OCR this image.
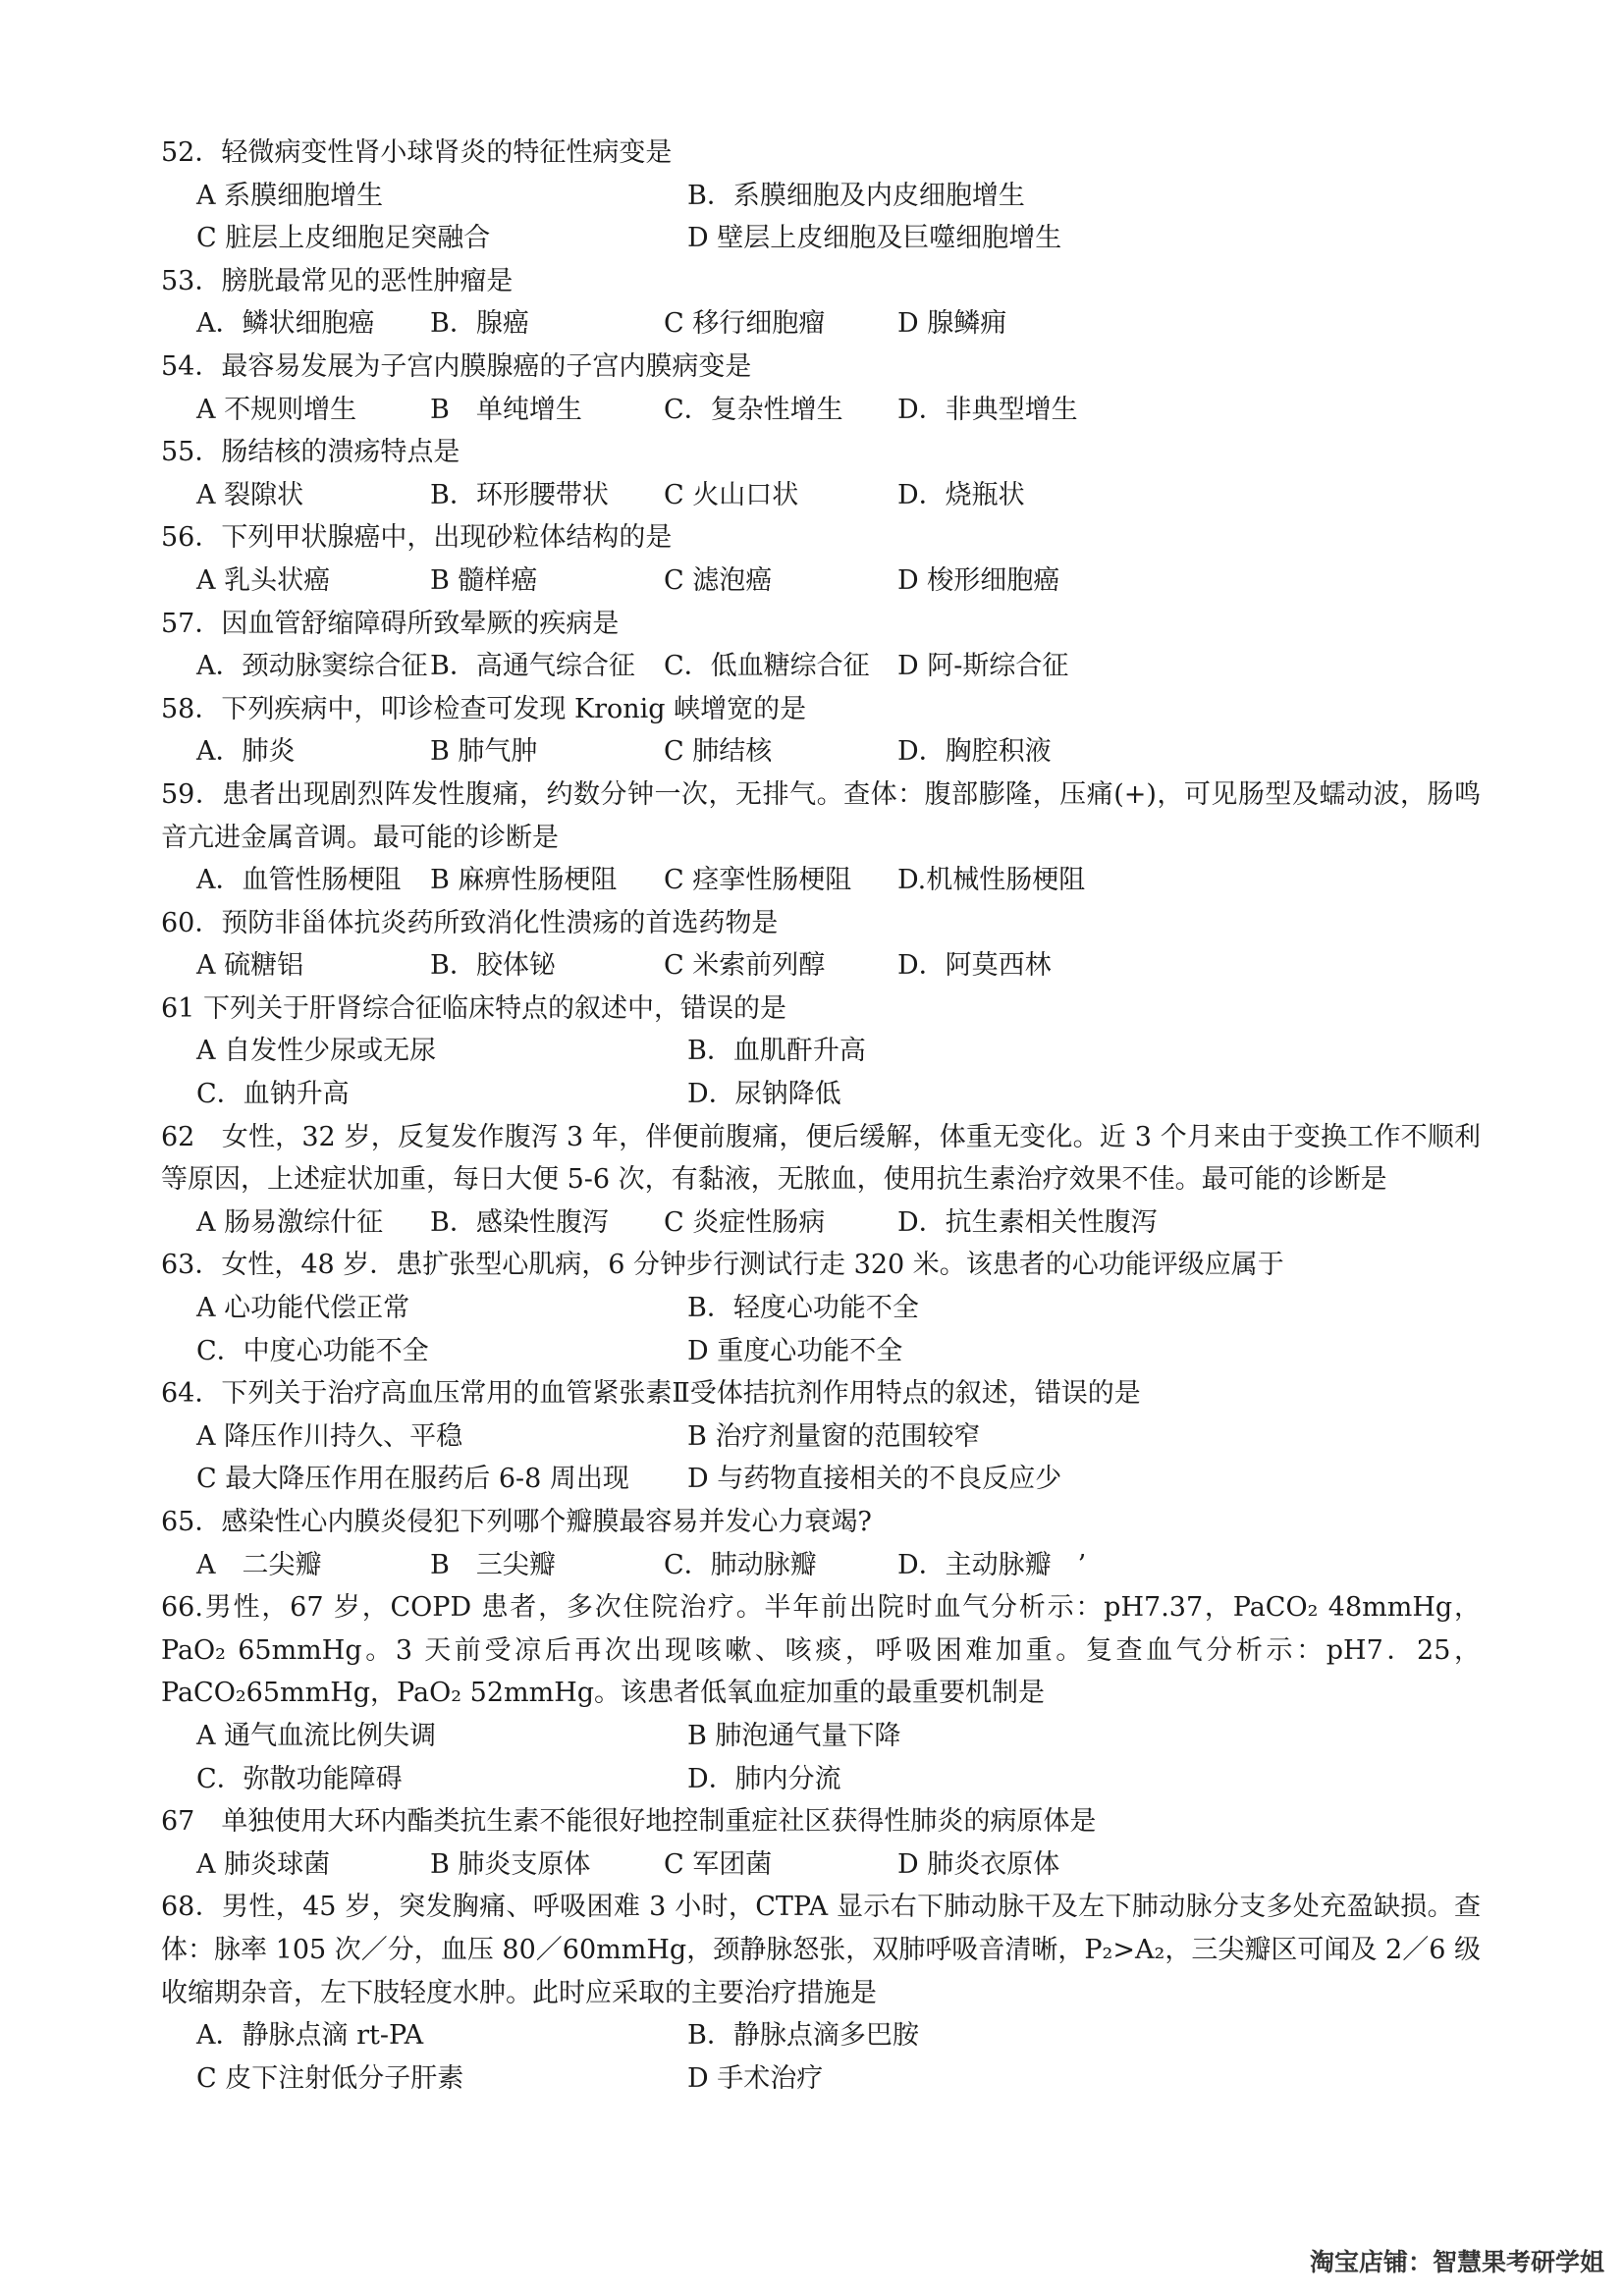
52．轻微病变性肾小球肾炎的特征性病变是
A 系膜细胞增生	B．系膜细胞及内皮细胞增生
C 脏层上皮细胞足突融合	D 壁层上皮细胞及巨噬细胞增生
53．膀胱最常见的恶性肿瘤是
A．鳞状细胞癌	B．腺癌	C 移行细胞瘤	D 腺鳞痈
54．最容易发展为子宫内膜腺癌的子宫内膜病变是
A 不规则增生	B　单纯增生	C．复杂性增生	D．非典型增生
55．肠结核的溃疡特点是
A 裂隙状	B．环形腰带状	C 火山口状	D．烧瓶状
56．下列甲状腺癌中，出现砂粒体结构的是
A 乳头状癌	B 髓样癌	C 滤泡癌	D 梭形细胞癌
57．因血管舒缩障碍所致晕厥的疾病是
A．颈动脉窦综合征 B．高通气综合征	C．低血糖综合征	D 阿-斯综合征
58．下列疾病中，叩诊检查可发现 Kronig 峡增宽的是
A．肺炎	B 肺气肿	C 肺结核	D．胸腔积液
59．患者出现剧烈阵发性腹痛，约数分钟一次，无排气。查体：腹部膨隆，压痛(+)，可见肠型及蠕动波，肠鸣音亢进金属音调。最可能的诊断是
A．血管性肠梗阻	B 麻痹性肠梗阻	C 痉挛性肠梗阻	D.机械性肠梗阻
60．预防非甾体抗炎药所致消化性溃疡的首选药物是
A 硫糖铝	B．胶体铋	C 米索前列醇	D．阿莫西林
61 下列关于肝肾综合征临床特点的叙述中，错误的是
A 自发性少尿或无尿	B．血肌酐升高
C．血钠升高	D．尿钠降低
62　女性，32 岁，反复发作腹泻 3 年，伴便前腹痛，便后缓解，体重无变化。近 3 个月来由于变换工作不顺利等原因，上述症状加重，每日大便 5-6 次，有黏液，无脓血，使用抗生素治疗效果不佳。最可能的诊断是
A 肠易激综什征	B．感染性腹泻	C 炎症性肠病	D．抗生素相关性腹泻
63．女性，48 岁．患扩张型心肌病，6 分钟步行测试行走 320 米。该患者的心功能评级应属于
A 心功能代偿正常	B．轻度心功能不全
C．中度心功能不全	D 重度心功能不全
64．下列关于治疗高血压常用的血管紧张素Ⅱ受体拮抗剂作用特点的叙述，错误的是
A 降压作川持久、平稳	B 治疗剂量窗的范围较窄
C 最大降压作用在服药后 6-8 周出现	D 与药物直接相关的不良反应少
65．感染性心内膜炎侵犯下列哪个瓣膜最容易并发心力衰竭?
A　二尖瓣	B　三尖瓣	C．肺动脉瓣	D．主动脉瓣　’
66.男性，67 岁，COPD 患者，多次住院治疗。半年前出院时血气分析示：pH7.37，PaCO₂ 48mmHg，PaO₂ 65mmHg。3 天前受凉后再次出现咳嗽、咳痰，呼吸困难加重。复查血气分析示：pH7．25，PaCO₂65mmHg，PaO₂ 52mmHg。该患者低氧血症加重的最重要机制是
A 通气血流比例失调	B 肺泡通气量下降
C．弥散功能障碍	D．肺内分流
67　单独使用大环内酯类抗生素不能很好地控制重症社区获得性肺炎的病原体是
A 肺炎球菌	B 肺炎支原体	C 军团菌	D 肺炎衣原体
68．男性，45 岁，突发胸痛、呼吸困难 3 小时，CTPA 显示右下肺动脉干及左下肺动脉分支多处充盈缺损。查体：脉率 105 次／分，血压 80／60mmHg，颈静脉怒张，双肺呼吸音清晰，P₂>A₂，三尖瓣区可闻及 2／6 级收缩期杂音，左下肢轻度水肿。此时应采取的主要治疗措施是
A．静脉点滴 rt-PA	B．静脉点滴多巴胺
C 皮下注射低分子肝素	D 手术治疗
淘宝店铺：智慧果考研学姐
